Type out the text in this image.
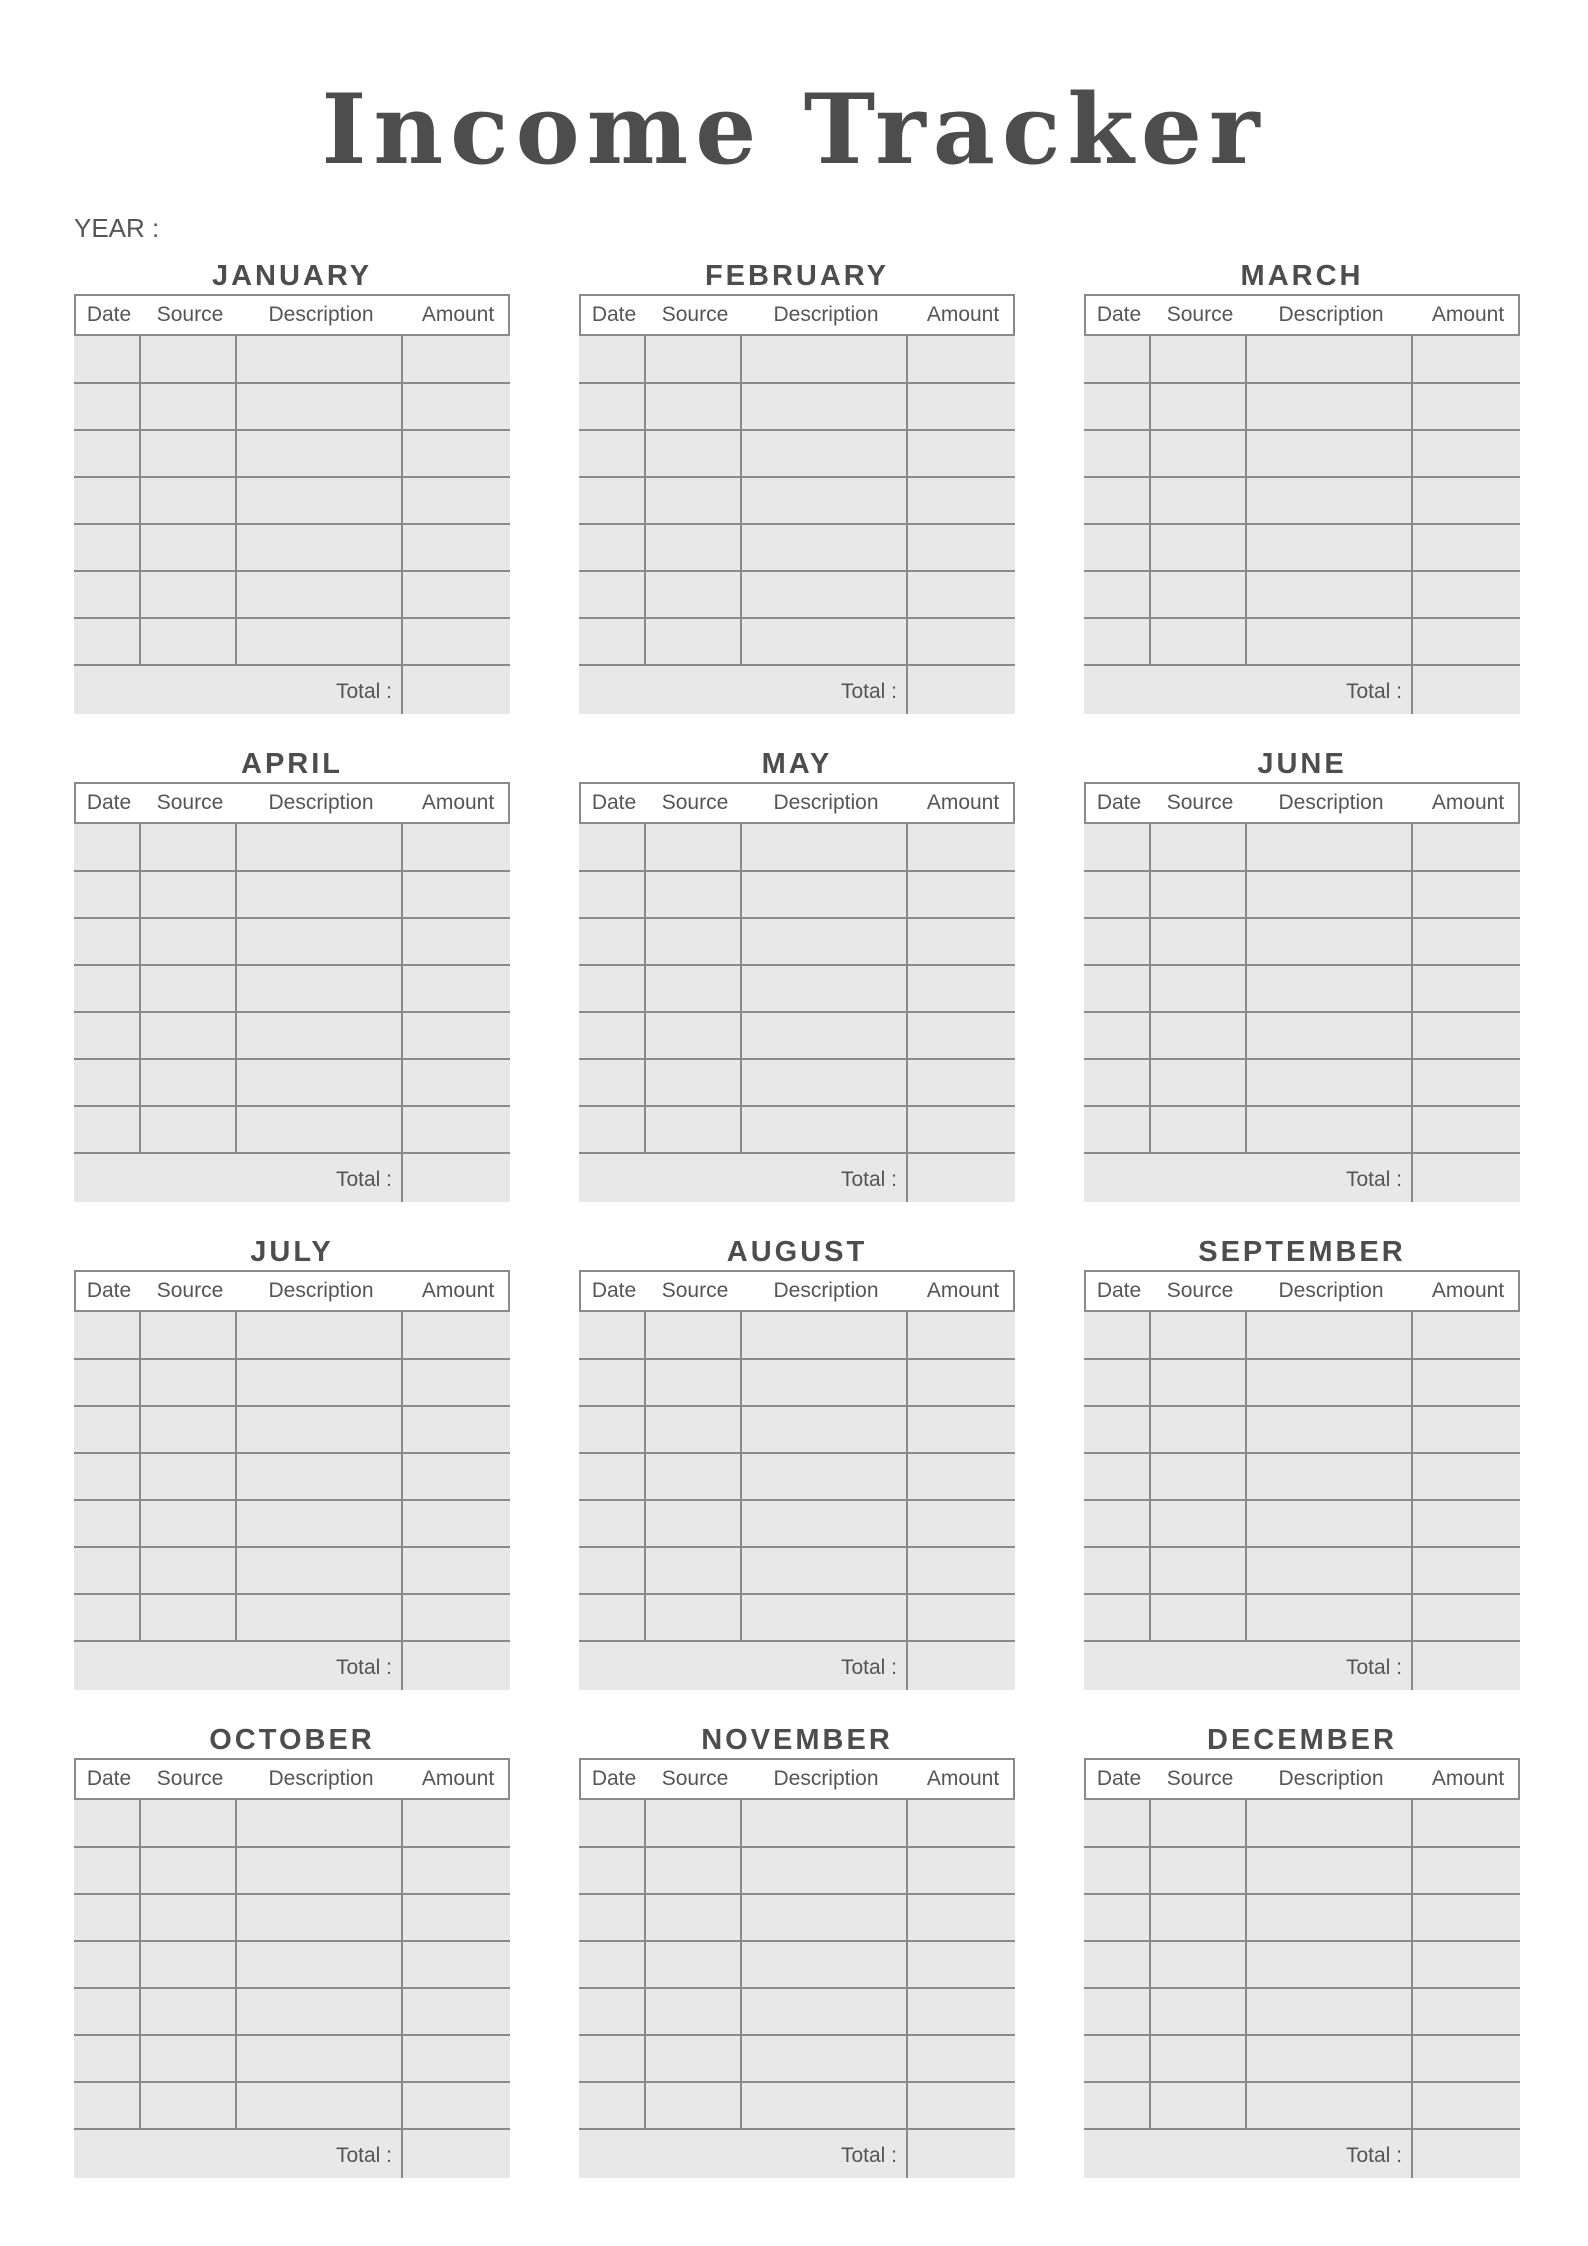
Income Tracker
YEAR :
JANUARY
Date	Source	Description	Amount
Total :
FEBRUARY
Date	Source	Description	Amount
Total :
MARCH
Date	Source	Description	Amount
Total :
APRIL
Date	Source	Description	Amount
Total :
MAY
Date	Source	Description	Amount
Total :
JUNE
Date	Source	Description	Amount
Total :
JULY
Date	Source	Description	Amount
Total :
AUGUST
Date	Source	Description	Amount
Total :
SEPTEMBER
Date	Source	Description	Amount
Total :
OCTOBER
Date	Source	Description	Amount
Total :
NOVEMBER
Date	Source	Description	Amount
Total :
DECEMBER
Date	Source	Description	Amount
Total :
